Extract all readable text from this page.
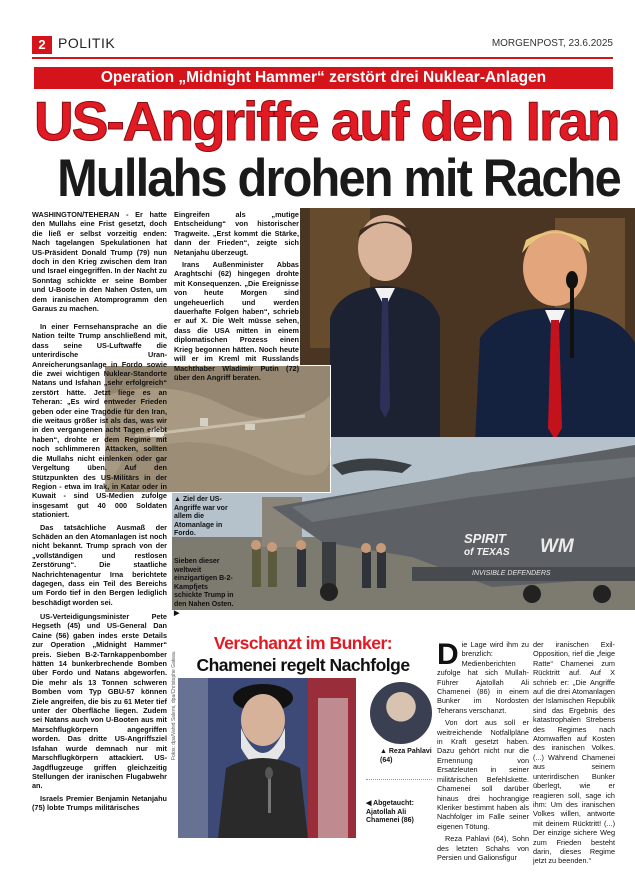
2 POLITIK	MORGENPOST, 23.6.2025
Operation „Midnight Hammer“ zerstört drei Nuklear-Anlagen
US-Angriffe auf den Iran
Mullahs drohen mit Rache
SPIRIT
of TEXAS WM
INVISIBLE DEFENDERS
▲ Ziel der US-Angriffe war vor allem die Atomanlage in Fordo.
Sieben dieser weltweit einzigartigen B-2-Kampfjets schickte Trump in den Nahen Osten. ▶

WASHINGTON/TEHERAN - Er hatte den Mullahs eine Frist gesetzt, doch die ließ er selbst vorzeitig enden: Nach tagelangen Spekulationen hat US-Präsident Donald Trump (79) nun doch in den Krieg zwischen dem Iran und Israel eingegriffen. In der Nacht zu Sonntag schickte er seine Bomber und U-Boote in den Nahen Osten, um dem iranischen Atomprogramm den Garaus zu machen.

In einer Fernsehansprache an die Nation teilte Trump anschließend mit, dass seine US-Luftwaffe die unterirdische Uran-Anreicherungsanlage in Fordo sowie die zwei wichtigen Nuklear-Standorte Natans und Isfahan „sehr erfolgreich“ zerstört hätte. Jetzt liege es an Teheran: „Es wird entweder Frieden geben oder eine Tragödie für den Iran, die weitaus größer ist als das, was wir in den vergangenen acht Tagen erlebt haben“, drohte er dem Regime mit noch schlimmeren Attacken, sollten die Mullahs nicht einlenken oder gar Vergeltung üben. Auf den Stützpunkten des US-Militärs in der Region - etwa im Irak, in Katar oder in Kuwait - sind US-Medien zufolge insgesamt gut 40 000 Soldaten stationiert.

Das tatsächliche Ausmaß der Schäden an den Atomanlagen ist noch nicht bekannt. Trump sprach von der „vollständigen und restlosen Zerstörung“. Die staatliche Nachrichtenagentur Irna berichtete dagegen, dass ein Teil des Bereichs um Fordo tief in den Bergen lediglich beschädigt worden sei.

US-Verteidigungsminister Pete Hegseth (45) und US-General Dan Caine (56) gaben indes erste Details zur Operation „Midnight Hammer“ preis. Sieben B-2-Tarnkappenbomber hätten 14 bunkerbrechende Bomben über Fordo und Natans abgeworfen. Die mehr als 13 Tonnen schweren Bomben vom Typ GBU-57 können Ziele angreifen, die bis zu 61 Meter tief unter der Oberfläche liegen. Zudem sei Natans auch von U-Booten aus mit Marschflugkörpern angegriffen worden. Das dritte US-Angriffsziel Isfahan wurde demnach nur mit Marschflugkörpern attackiert. US-Jagdflugzeuge griffen gleichzeitig Stellungen der iranischen Flugabwehr an.

Israels Premier Benjamin Netanjahu (75) lobte Trumps militärisches

Eingreifen als „mutige Entscheidung“ von historischer Tragweite. „Erst kommt die Stärke, dann der Frieden“, zeigte sich Netanjahu überzeugt.

Irans Außenminister Abbas Araghtschi (62) hingegen drohte mit Konsequenzen. „Die Ereignisse von heute Morgen sind ungeheuerlich und werden dauerhafte Folgen haben“, schrieb er auf X. Die Welt müsse sehen, dass die USA mitten in einem diplomatischen Prozess einen Krieg begonnen hätten. Noch heute will er im Kreml mit Russlands Machthaber Wladimir Putin (72) über den Angriff beraten.

Verschanzt im Bunker:
Chamenei regelt Nachfolge
Fotos: dpa/Vahid Salemi, dpa/Christophe Gateau	▲ Reza Pahlavi (64)
◀ Abgetaucht: Ajatollah Ali Chamenei (86)
D ie Lage wird ihm zu brenzlich: Medienberichten zufolge hat sich Mullah-Führer Ajatollah Ali Chamenei (86) in einem Bunker im Nordosten Teherans verschanzt.

Von dort aus soll er weitreichende Notfallpläne in Kraft gesetzt haben. Dazu gehört nicht nur die Ernennung von Ersatzleuten in seiner militärischen Befehlskette. Chamenei soll darüber hinaus drei hochrangige Kleriker bestimmt haben als Nachfolger im Falle seiner eigenen Tötung.

Reza Pahlavi (64), Sohn des letzten Schahs von Persien und Galionsfigur

der iranischen Exil-Opposition, rief die „feige Ratte“ Chamenei zum Rücktritt auf. Auf X schrieb er: „Die Angriffe auf die drei Atomanlagen der Islamischen Republik sind das Ergebnis des katastrophalen Strebens des Regimes nach Atomwaffen auf Kosten des iranischen Volkes. (...) Während Chamenei aus seinem unterirdischen Bunker überlegt, wie er reagieren soll, sage ich ihm: Um des iranischen Volkes willen, antworte mit deinem Rücktritt! (...) Der einzige sichere Weg zum Frieden besteht darin, dieses Regime jetzt zu beenden.“
